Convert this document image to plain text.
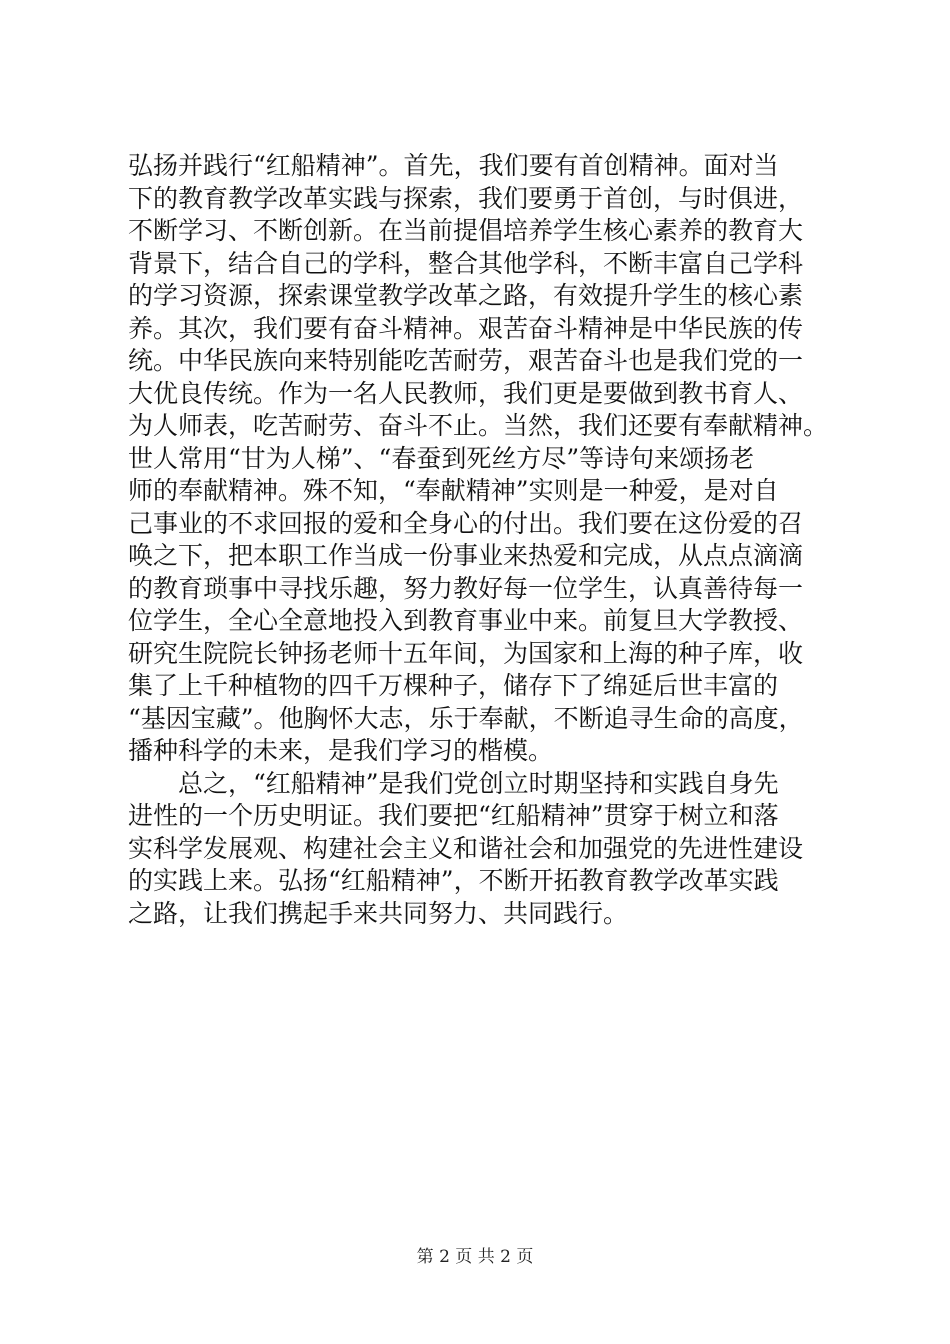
弘扬并践行“红船精神”。首先，我们要有首创精神。面对当
下的教育教学改革实践与探索，我们要勇于首创，与时俱进，
不断学习、不断创新。在当前提倡培养学生核心素养的教育大
背景下，结合自己的学科，整合其他学科，不断丰富自己学科
的学习资源，探索课堂教学改革之路，有效提升学生的核心素
养。其次，我们要有奋斗精神。艰苦奋斗精神是中华民族的传
统。中华民族向来特别能吃苦耐劳，艰苦奋斗也是我们党的一
大优良传统。作为一名人民教师，我们更是要做到教书育人、
为人师表，吃苦耐劳、奋斗不止。当然，我们还要有奉献精神。
世人常用“甘为人梯”、“春蚕到死丝方尽”等诗句来颂扬老
师的奉献精神。殊不知，“奉献精神”实则是一种爱，是对自
己事业的不求回报的爱和全身心的付出。我们要在这份爱的召
唤之下，把本职工作当成一份事业来热爱和完成，从点点滴滴
的教育琐事中寻找乐趣，努力教好每一位学生，认真善待每一
位学生，全心全意地投入到教育事业中来。前复旦大学教授、
研究生院院长钟扬老师十五年间，为国家和上海的种子库，收
集了上千种植物的四千万棵种子，储存下了绵延后世丰富的
“基因宝藏”。他胸怀大志，乐于奉献，不断追寻生命的高度，
播种科学的未来，是我们学习的楷模。
总之，“红船精神”是我们党创立时期坚持和实践自身先
进性的一个历史明证。我们要把“红船精神”贯穿于树立和落
实科学发展观、构建社会主义和谐社会和加强党的先进性建设
的实践上来。弘扬“红船精神”，不断开拓教育教学改革实践
之路，让我们携起手来共同努力、共同践行。
第 2 页 共 2 页
